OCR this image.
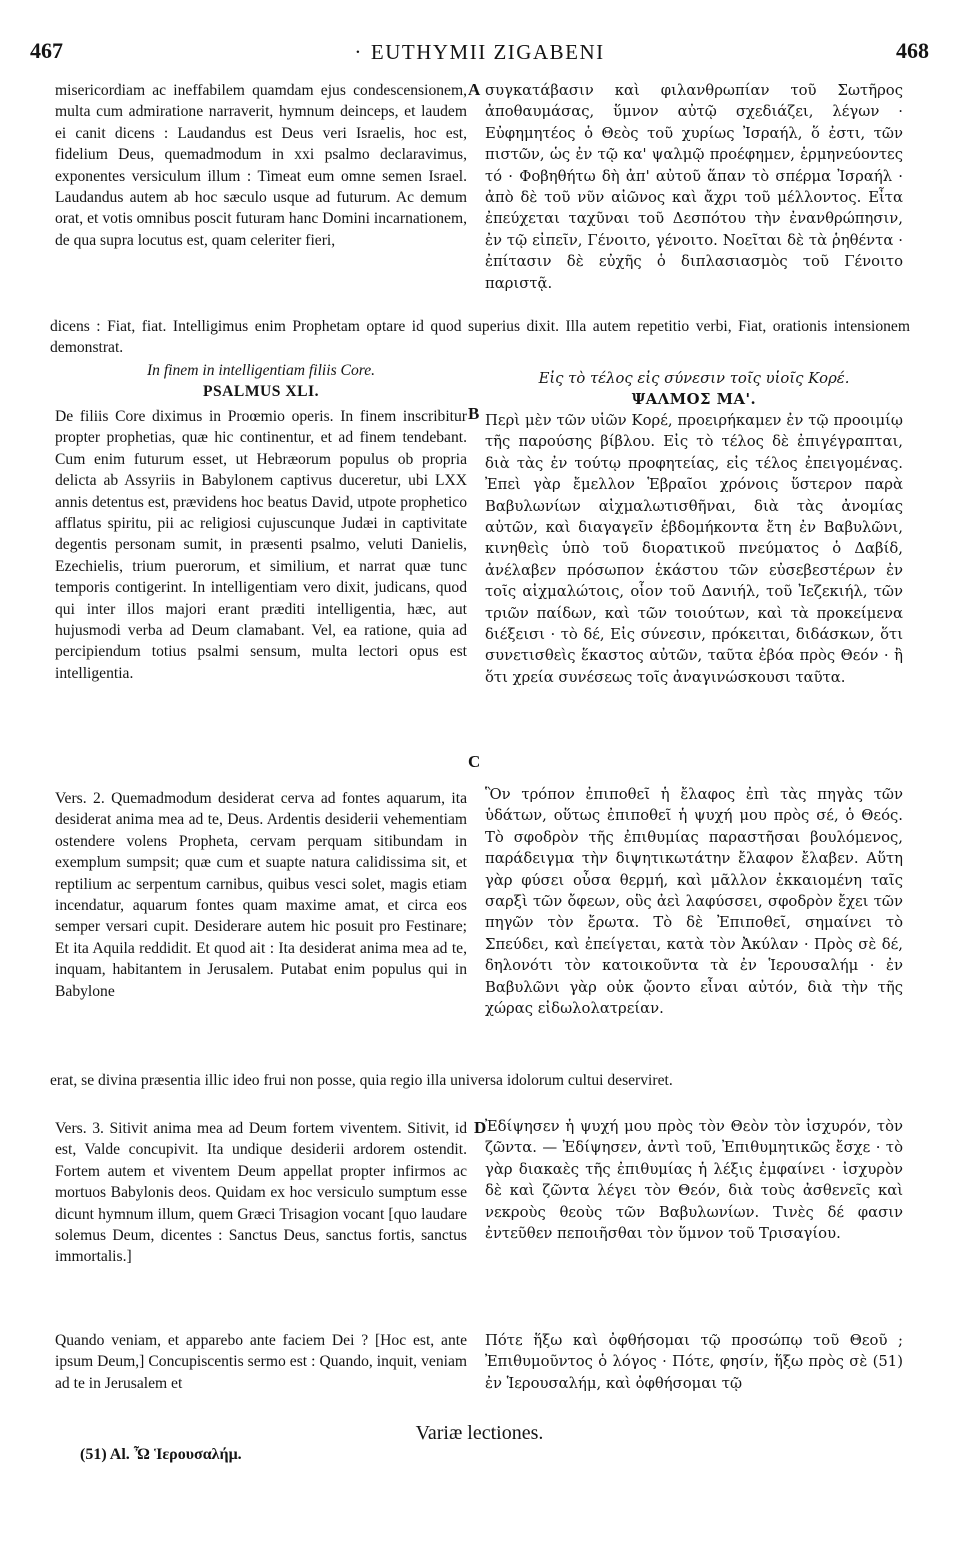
467	· EUTHYMII ZIGABENI	468
A

misericordiam ac ineffabilem quamdam ejus condescensionem, multa cum admiratione narraverit, hymnum deinceps, et laudem ei canit dicens : Laudandus est Deus veri Israelis, hoc est, fidelium Deus, quemadmodum in xxi psalmo declaravimus, exponentes versiculum illum : Timeat eum omne semen Israel. Laudandus autem ab hoc sæculo usque ad futurum. Ac demum orat, et votis omnibus poscit futuram hanc Domini incarnationem, de qua supra locutus est, quam celeriter fieri,

συγκατάβασιν καὶ φιλανθρωπίαν τοῦ Σωτῆρος ἀποθαυμάσας, ὕμνον αὐτῷ σχεδιάζει, λέγων · Εὐφημητέος ὁ Θεὸς τοῦ χυρίως Ἰσραήλ, ὅ ἐστι, τῶν πιστῶν, ὡς ἐν τῷ κα' ψαλμῷ προέφημεν, ἑρμηνεύοντες τό · Φοβηθήτω δὴ ἀπ' αὐτοῦ ἅπαν τὸ σπέρμα Ἰσραήλ · ἀπὸ δὲ τοῦ νῦν αἰῶνος καὶ ἄχρι τοῦ μέλλοντος. Εἶτα ἐπεύχεται ταχῦναι τοῦ Δεσπότου τὴν ἐνανθρώπησιν, ἐν τῷ εἰπεῖν, Γένοιτο, γένοιτο. Νοεῖται δὲ τὰ ῥηθέντα · ἐπίτασιν δὲ εὐχῆς ὁ διπλασιασμὸς τοῦ Γένοιτο παριστᾷ.

dicens : Fiat, fiat. Intelligimus enim Prophetam optare id quod superius dixit. Illa autem repetitio verbi, Fiat, orationis intensionem demonstrat.

In finem in intelligentiam filiis Core.

PSALMUS XLI.

Εἰς τὸ τέλος εἰς σύνεσιν τοῖς υἱοῖς Κορέ.

ΨΑΛΜΟΣ ΜΑ'.

B
De filiis Core diximus in Proœmio operis. In finem inscribitur propter prophetias, quæ hic continentur, et ad finem tendebant. Cum enim futurum esset, ut Hebræorum populus ob propria delicta ab Assyriis in Babylonem captivus duceretur, ubi LXX annis detentus est, prævidens hoc beatus David, utpote prophetico afflatus spiritu, pii ac religiosi cujuscunque Judæi in captivitate degentis personam sumit, in præsenti psalmo, veluti Danielis, Ezechielis, trium puerorum, et similium, et narrat quæ tunc temporis contigerint. In intelligentiam vero dixit, judicans, quod qui inter illos majori erant præditi intelligentia, hæc, aut hujusmodi verba ad Deum clamabant. Vel, ea ratione, quia ad percipiendum totius psalmi sensum, multa lectori opus est intelligentia.
Περὶ μὲν τῶν υἱῶν Κορέ, προειρήκαμεν ἐν τῷ προοιμίῳ τῆς παρούσης βίβλου. Εἰς τὸ τέλος δὲ ἐπιγέγραπται, διὰ τὰς ἐν τούτῳ προφητείας, εἰς τέλος ἐπειγομένας. Ἐπεὶ γὰρ ἔμελλον Ἑβραῖοι χρόνοις ὕστερον παρὰ Βαβυλωνίων αἰχμαλωτισθῆναι, διὰ τὰς ἀνομίας αὐτῶν, καὶ διαγαγεῖν ἑβδομήκοντα ἔτη ἐν Βαβυλῶνι, κινηθεὶς ὑπὸ τοῦ διορατικοῦ πνεύματος ὁ Δαβίδ, ἀνέλαβεν πρόσωπον ἑκάστου τῶν εὐσεβεστέρων ἐν τοῖς αἰχμαλώτοις, οἷον τοῦ Δανιήλ, τοῦ Ἰεζεκιήλ, τῶν τριῶν παίδων, καὶ τῶν τοιούτων, καὶ τὰ προκείμενα διέξεισι · τὸ δέ, Εἰς σύνεσιν, πρόκειται, διδάσκων, ὅτι συνετισθεὶς ἕκαστος αὐτῶν, ταῦτα ἐβόα πρὸς Θεόν · ἢ ὅτι χρεία συνέσεως τοῖς ἀναγινώσκουσι ταῦτα.
C
Vers. 2. Quemadmodum desiderat cerva ad fontes aquarum, ita desiderat anima mea ad te, Deus. Ardentis desiderii vehementiam ostendere volens Propheta, cervam perquam sitibundam in exemplum sumpsit; quæ cum et suapte natura calidissima sit, et reptilium ac serpentum carnibus, quibus vesci solet, magis etiam incendatur, aquarum fontes quam maxime amat, et circa eos semper versari cupit. Desiderare autem hic posuit pro Festinare; Et ita Aquila reddidit. Et quod ait : Ita desiderat anima mea ad te, inquam, habitantem in Jerusalem. Putabat enim populus qui in Babylone
Ὃν τρόπον ἐπιποθεῖ ἡ ἔλαφος ἐπὶ τὰς πηγὰς τῶν ὑδάτων, οὕτως ἐπιποθεῖ ἡ ψυχή μου πρὸς σέ, ὁ Θεός. Τὸ σφοδρὸν τῆς ἐπιθυμίας παραστῆσαι βουλόμενος, παράδειγμα τὴν διψητικωτάτην ἔλαφον ἔλαβεν. Αὕτη γὰρ φύσει οὖσα θερμή, καὶ μᾶλλον ἐκκαιομένη ταῖς σαρξὶ τῶν ὄφεων, οὓς ἀεὶ λαφύσσει, σφοδρὸν ἔχει τῶν πηγῶν τὸν ἔρωτα. Τὸ δὲ Ἐπιποθεῖ, σημαίνει τὸ Σπεύδει, καὶ ἐπείγεται, κατὰ τὸν Ἀκύλαν · Πρὸς σὲ δέ, δηλονότι τὸν κατοικοῦντα τὰ ἐν Ἱερουσαλήμ · ἐν Βαβυλῶνι γὰρ οὐκ ᾤοντο εἶναι αὐτόν, διὰ τὴν τῆς χώρας εἰδωλολατρείαν.
erat, se divina præsentia illic ideo frui non posse, quia regio illa universa idolorum cultui deserviret.
D
Vers. 3. Sitivit anima mea ad Deum fortem viventem. Sitivit, id est, Valde concupivit. Ita undique desiderii ardorem ostendit. Fortem autem et viventem Deum appellat propter infirmos ac mortuos Babylonis deos. Quidam ex hoc versiculo sumptum esse dicunt hymnum illum, quem Græci Trisagion vocant [quo laudare solemus Deum, dicentes : Sanctus Deus, sanctus fortis, sanctus immortalis.]
Ἐδίψησεν ἡ ψυχή μου πρὸς τὸν Θεὸν τὸν ἰσχυρόν, τὸν ζῶντα. — Ἐδίψησεν, ἀντὶ τοῦ, Ἐπιθυμητικῶς ἔσχε · τὸ γὰρ διακαὲς τῆς ἐπιθυμίας ἡ λέξις ἐμφαίνει · ἰσχυρὸν δὲ καὶ ζῶντα λέγει τὸν Θεόν, διὰ τοὺς ἀσθενεῖς καὶ νεκροὺς θεοὺς τῶν Βαβυλωνίων. Τινὲς δέ φασιν ἐντεῦθεν πεποιῆσθαι τὸν ὕμνον τοῦ Τρισαγίου.
Quando veniam, et apparebo ante faciem Dei ? [Hoc est, ante ipsum Deum,] Concupiscentis sermo est : Quando, inquit, veniam ad te in Jerusalem et
Πότε ἥξω καὶ ὀφθήσομαι τῷ προσώπῳ τοῦ Θεοῦ ; Ἐπιθυμοῦντος ὁ λόγος · Πότε, φησίν, ἥξω πρὸς σὲ (51) ἐν Ἱερουσαλήμ, καὶ ὀφθήσομαι τῷ
Variæ lectiones.
(51) Al. Ὦ Ἱερουσαλήμ.
